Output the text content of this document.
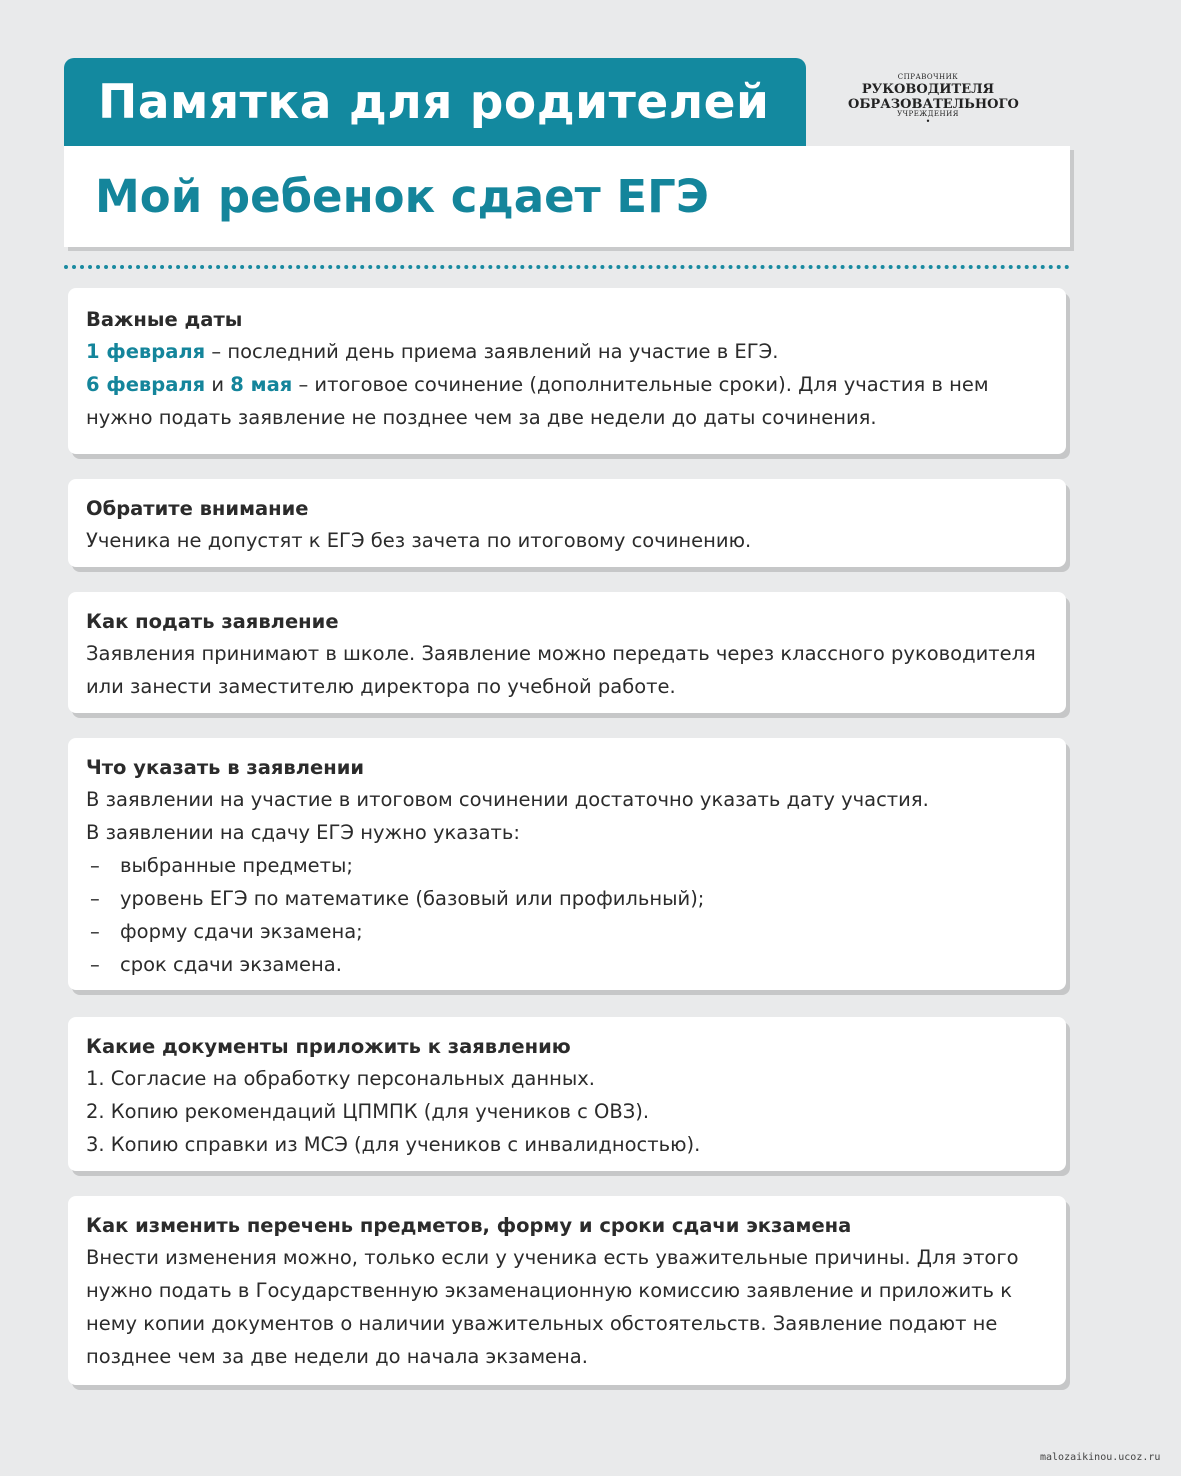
Памятка для родителей	СПРАВОЧНИК
РУКОВОДИТЕЛЯ
ОБРАЗОВАТЕЛЬНОГО
УЧРЕЖДЕНИЯ
•
Мой ребенок сдает ЕГЭ
Важные даты

1 февраля – последний день приема заявлений на участие в ЕГЭ.

6 февраля и 8 мая – итоговое сочинение (дополнительные сроки). Для участия в нем нужно подать заявление не позднее чем за две недели до даты сочинения.

Обратите внимание

Ученика не допустят к ЕГЭ без зачета по итоговому сочинению.

Как подать заявление

Заявления принимают в школе. Заявление можно передать через классного руководителя или занести заместителю директора по учебной работе.

Что указать в заявлении

В заявлении на участие в итоговом сочинении достаточно указать дату участия.

В заявлении на сдачу ЕГЭ нужно указать:

–	выбранные предметы;
–	уровень ЕГЭ по математике (базовый или профильный);
–	форму сдачи экзамена;
–	срок сдачи экзамена.
Какие документы приложить к заявлению

1. Согласие на обработку персональных данных.

2. Копию рекомендаций ЦПМПК (для учеников с ОВЗ).

3. Копию справки из МСЭ (для учеников с инвалидностью).

Как изменить перечень предметов, форму и сроки сдачи экзамена

Внести изменения можно, только если у ученика есть уважительные причины. Для этого нужно подать в Государственную экзаменационную комиссию заявление и приложить к нему копии документов о наличии уважительных обстоятельств. Заявление подают не позднее чем за две недели до начала экзамена.

malozaikinou.ucoz.ru
